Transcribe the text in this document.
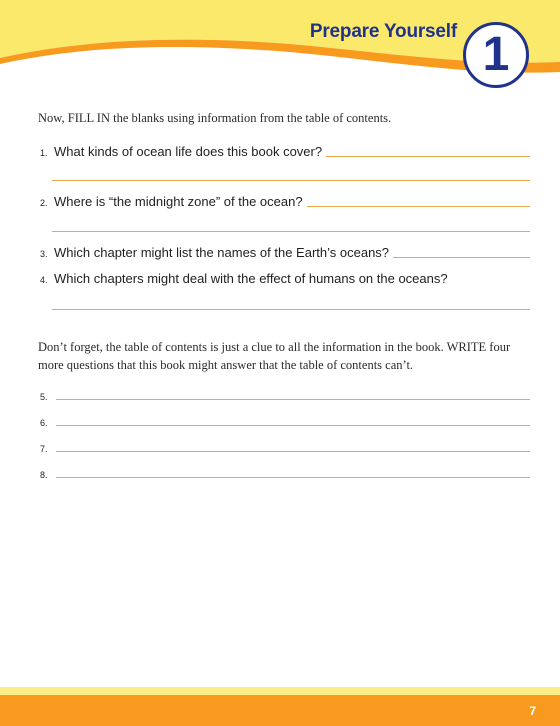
Prepare Yourself 1

Now, FILL IN the blanks using information from the table of contents.

1. What kinds of ocean life does this book cover?
2. Where is “the midnight zone” of the ocean?
3. Which chapter might list the names of the Earth’s oceans?
4. Which chapters might deal with the effect of humans on the oceans?

Don’t forget, the table of contents is just a clue to all the information in the book. WRITE four more questions that this book might answer that the table of contents can’t.

5.
6.
7.
8.
7
